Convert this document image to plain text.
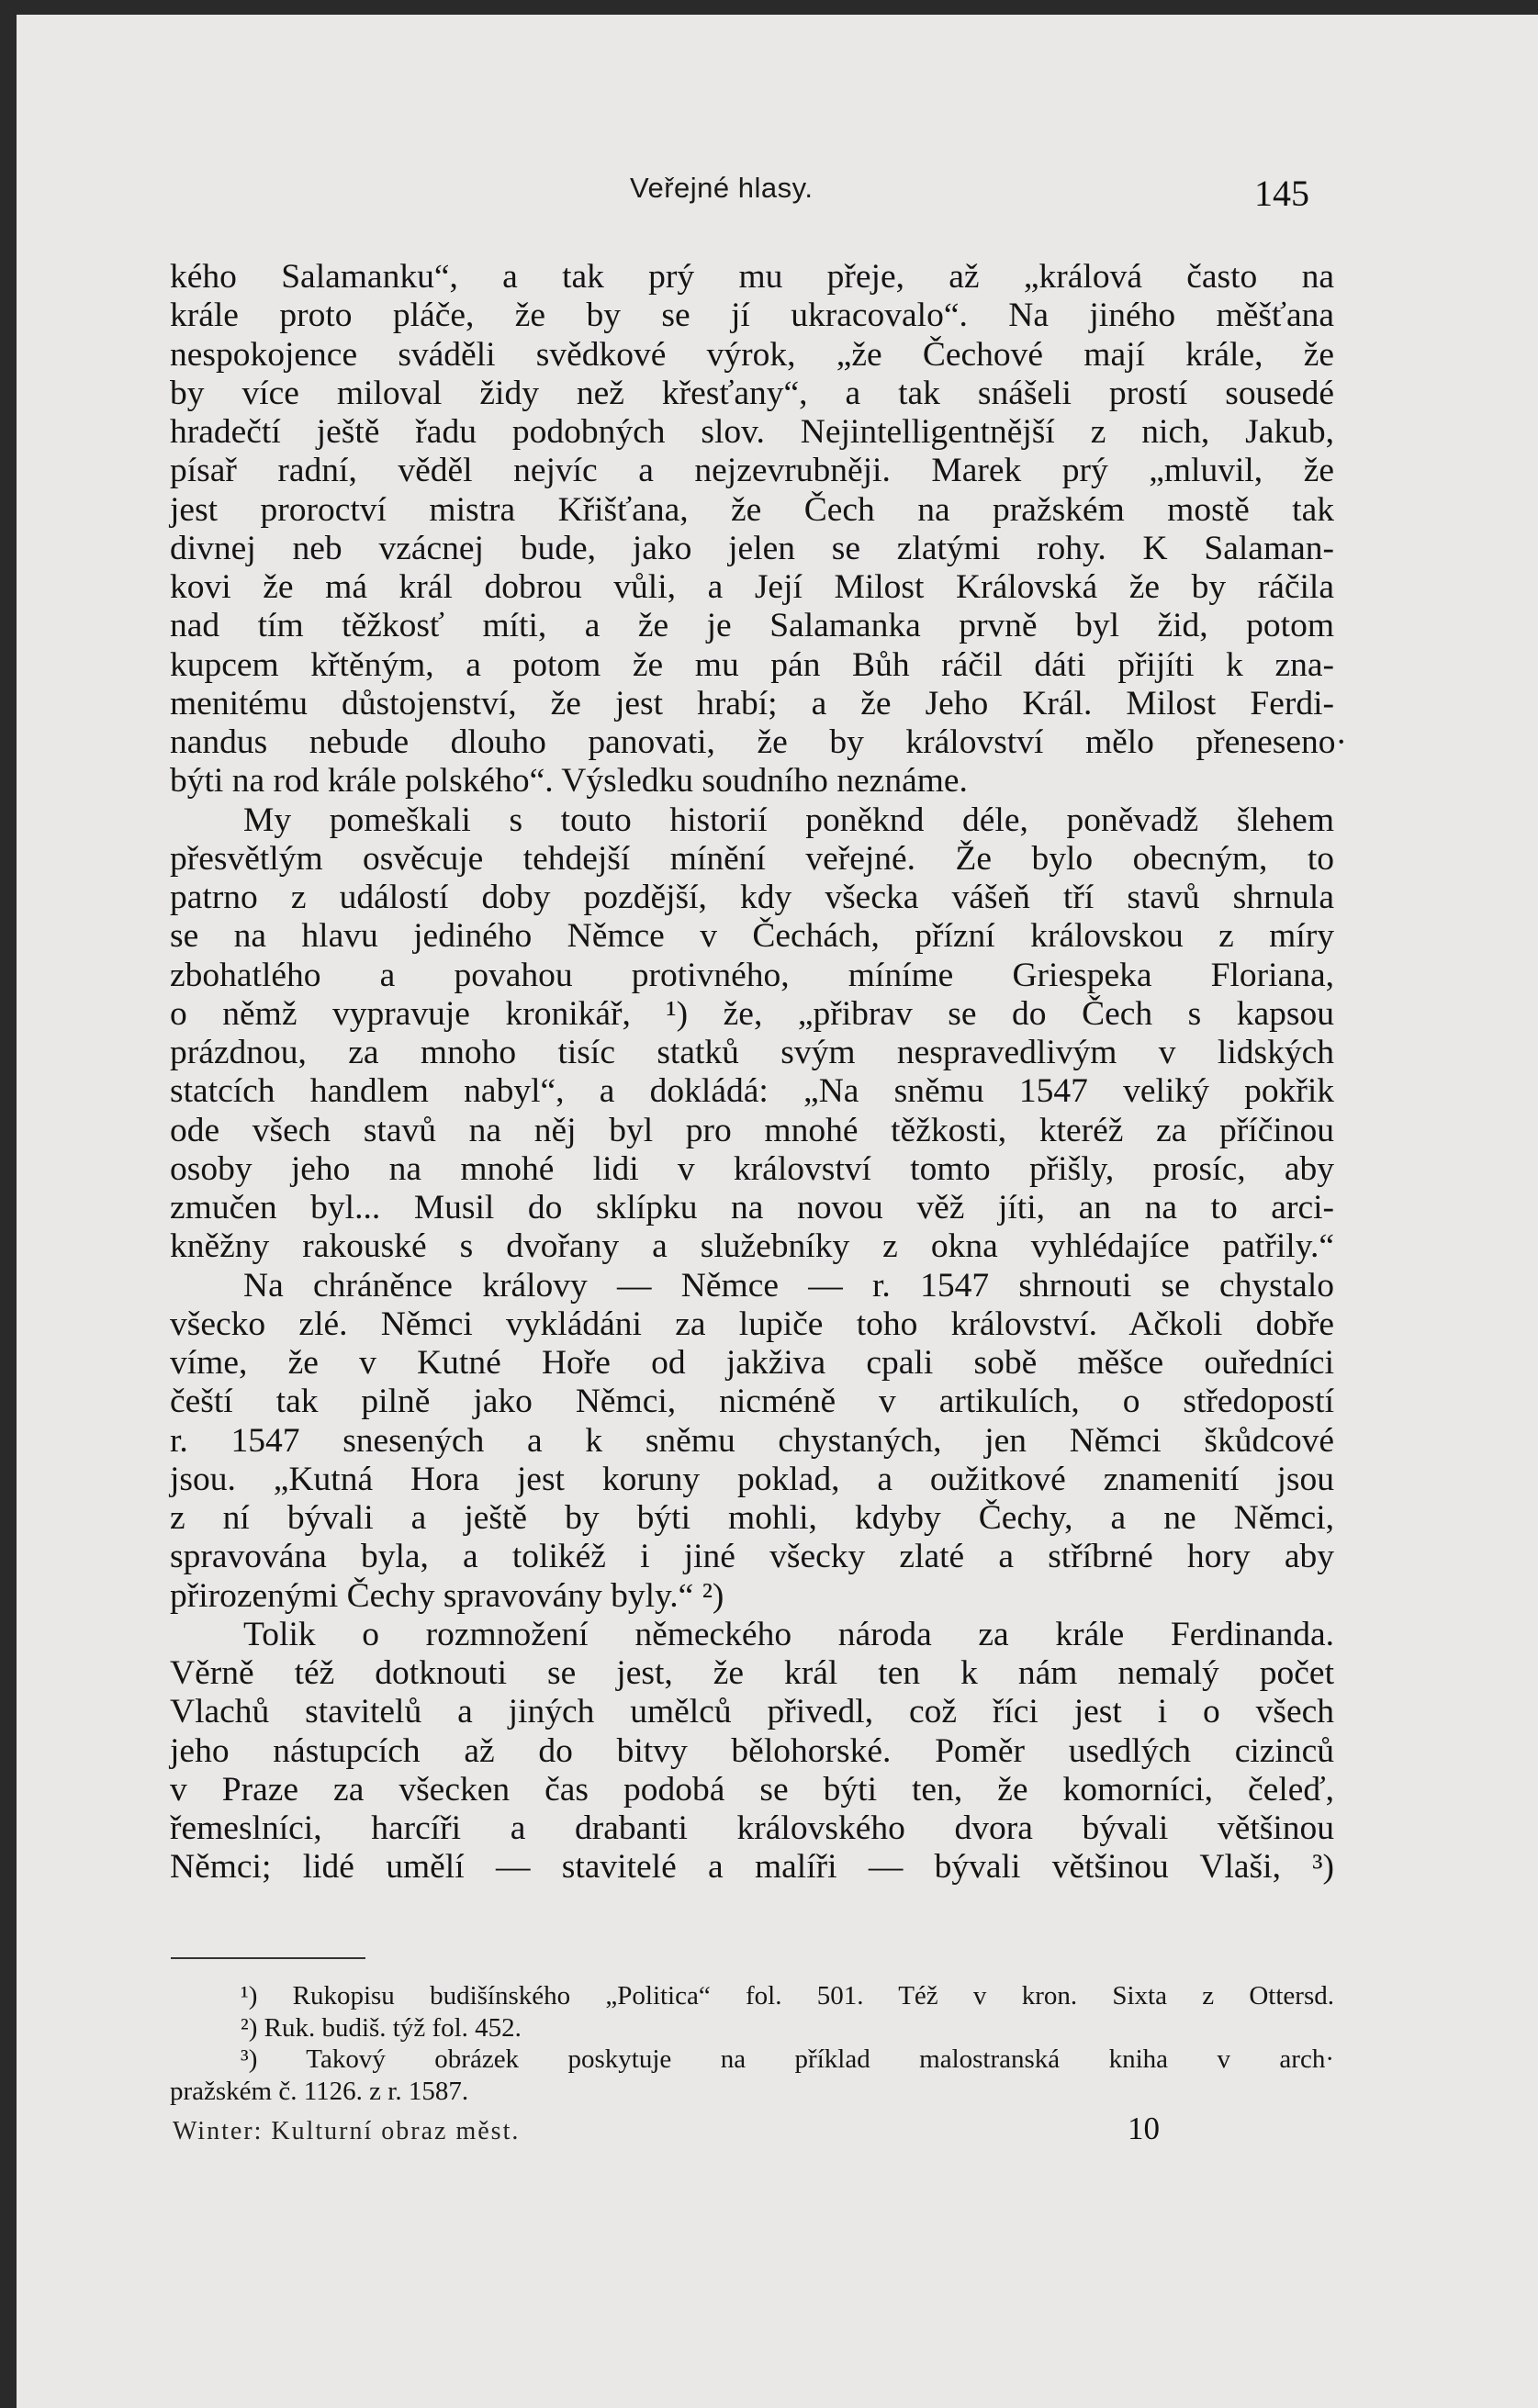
Veřejné hlasy.	145
kého Salamanku“, a tak prý mu přeje, až „králová často na
krále proto pláče, že by se jí ukracovalo“. Na jiného měšťana
nespokojence sváděli svědkové výrok, „že Čechové mají krále, že
by více miloval židy než křesťany“, a tak snášeli prostí sousedé
hradečtí ještě řadu podobných slov. Nejintelligentnější z nich, Jakub,
písař radní, věděl nejvíc a nejzevrubněji. Marek prý „mluvil, že
jest proroctví mistra Křišťana, že Čech na pražském mostě tak
divnej neb vzácnej bude, jako jelen se zlatými rohy. K Salaman-
kovi že má král dobrou vůli, a Její Milost Královská že by ráčila
nad tím těžkosť míti, a že je Salamanka prvně byl žid, potom
kupcem křtěným, a potom že mu pán Bůh ráčil dáti přijíti k zna-
menitému důstojenství, že jest hrabí; a že Jeho Král. Milost Ferdi-
nandus nebude dlouho panovati, že by království mělo přeneseno·
býti na rod krále polského“. Výsledku soudního neznáme.
My pomeškali s touto historií poněknd déle, poněvadž šlehem
přesvětlým osvěcuje tehdejší mínění veřejné. Že bylo obecným, to
patrno z událostí doby pozdější, kdy všecka vášeň tří stavů shrnula
se na hlavu jediného Němce v Čechách, přízní královskou z míry
zbohatlého a povahou protivného, míníme Griespeka Floriana,
o němž vypravuje kronikář, ¹) že, „přibrav se do Čech s kapsou
prázdnou, za mnoho tisíc statků svým nespravedlivým v lidských
statcích handlem nabyl“, a dokládá: „Na sněmu 1547 veliký pokřik
ode všech stavů na něj byl pro mnohé těžkosti, kteréž za příčinou
osoby jeho na mnohé lidi v království tomto přišly, prosíc, aby
zmučen byl... Musil do sklípku na novou věž jíti, an na to arci-
kněžny rakouské s dvořany a služebníky z okna vyhlédajíce patřily.“
Na chráněnce královy — Němce — r. 1547 shrnouti se chystalo
všecko zlé. Němci vykládáni za lupiče toho království. Ačkoli dobře
víme, že v Kutné Hoře od jakživa cpali sobě měšce ouředníci
čeští tak pilně jako Němci, nicméně v artikulích, o středopostí
r. 1547 snesených a k sněmu chystaných, jen Němci škůdcové
jsou. „Kutná Hora jest koruny poklad, a oužitkové znamenití jsou
z ní bývali a ještě by býti mohli, kdyby Čechy, a ne Němci,
spravována byla, a tolikéž i jiné všecky zlaté a stříbrné hory aby
přirozenými Čechy spravovány byly.“ ²)
Tolik o rozmnožení německého národa za krále Ferdinanda.
Věrně též dotknouti se jest, že král ten k nám nemalý počet
Vlachů stavitelů a jiných umělců přivedl, což říci jest i o všech
jeho nástupcích až do bitvy bělohorské. Poměr usedlých cizinců
v Praze za všecken čas podobá se býti ten, že komorníci, čeleď,
řemeslníci, harcíři a drabanti královského dvora bývali většinou
Němci; lidé umělí — stavitelé a malíři — bývali většinou Vlaši, ³)
¹) Rukopisu budišínského „Politica“ fol. 501. Též v kron. Sixta z Ottersd.
²) Ruk. budiš. týž fol. 452.
³) Takový obrázek poskytuje na příklad malostranská kniha v arch·
pražském č. 1126. z r. 1587.
Winter: Kulturní obraz měst.	10
